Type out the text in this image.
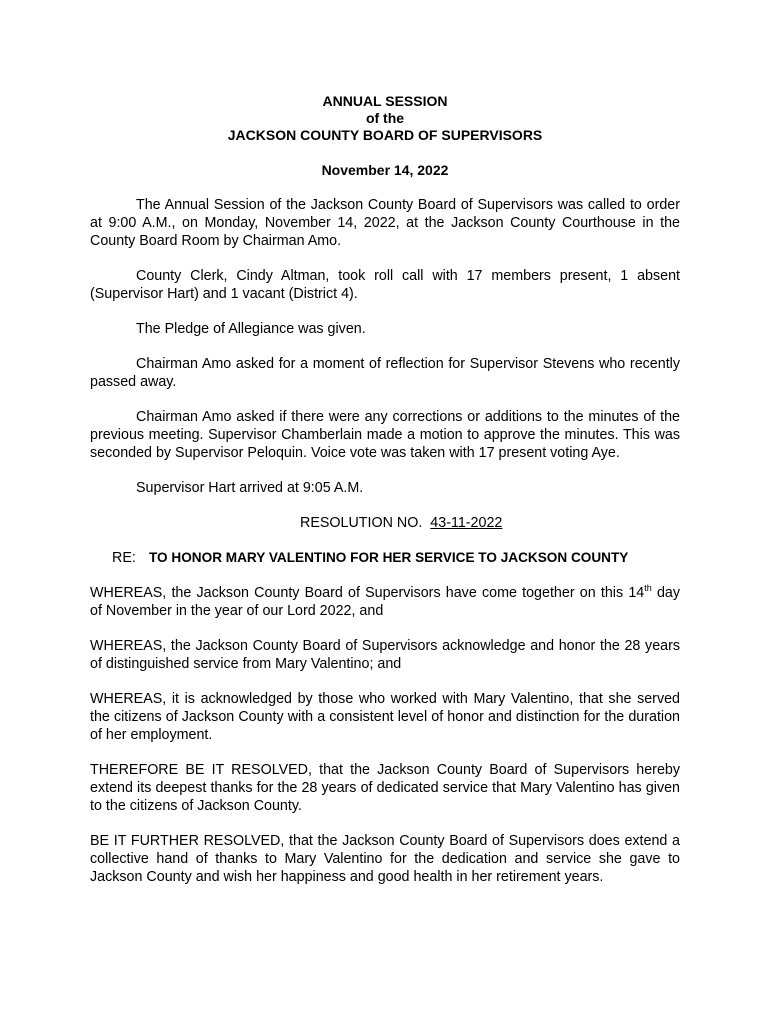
ANNUAL SESSION
of the
JACKSON COUNTY BOARD OF SUPERVISORS
November 14, 2022

The Annual Session of the Jackson County Board of Supervisors was called to order at 9:00 A.M., on Monday, November 14, 2022, at the Jackson County Courthouse in the County Board Room by Chairman Amo.

County Clerk, Cindy Altman, took roll call with 17 members present, 1 absent (Supervisor Hart) and 1 vacant (District 4).

The Pledge of Allegiance was given.

Chairman Amo asked for a moment of reflection for Supervisor Stevens who recently passed away.

Chairman Amo asked if there were any corrections or additions to the minutes of the previous meeting. Supervisor Chamberlain made a motion to approve the minutes. This was seconded by Supervisor Peloquin. Voice vote was taken with 17 present voting Aye.

Supervisor Hart arrived at 9:05 A.M.

RESOLUTION NO. 43-11-2022
RE: TO HONOR MARY VALENTINO FOR HER SERVICE TO JACKSON COUNTY

WHEREAS, the Jackson County Board of Supervisors have come together on this 14th day of November in the year of our Lord 2022, and

WHEREAS, the Jackson County Board of Supervisors acknowledge and honor the 28 years of distinguished service from Mary Valentino; and

WHEREAS, it is acknowledged by those who worked with Mary Valentino, that she served the citizens of Jackson County with a consistent level of honor and distinction for the duration of her employment.

THEREFORE BE IT RESOLVED, that the Jackson County Board of Supervisors hereby extend its deepest thanks for the 28 years of dedicated service that Mary Valentino has given to the citizens of Jackson County.

BE IT FURTHER RESOLVED, that the Jackson County Board of Supervisors does extend a collective hand of thanks to Mary Valentino for the dedication and service she gave to Jackson County and wish her happiness and good health in her retirement years.
